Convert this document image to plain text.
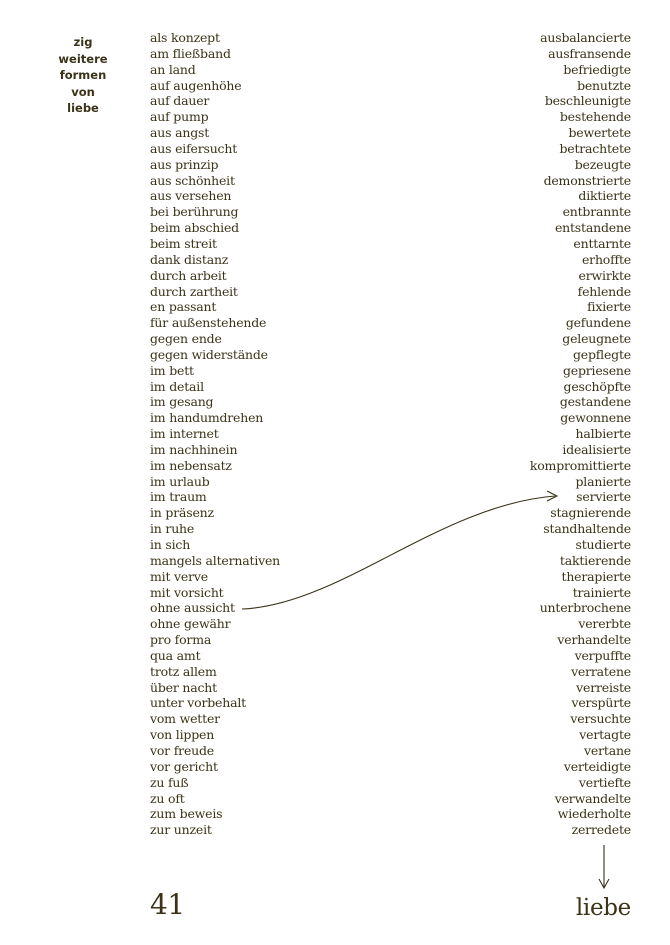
zig
weitere
formen
von
liebe
als konzept
am fließband
an land
auf augenhöhe
auf dauer
auf pump
aus angst
aus eifersucht
aus prinzip
aus schönheit
aus versehen
bei berührung
beim abschied
beim streit
dank distanz
durch arbeit
durch zartheit
en passant
für außenstehende
gegen ende
gegen widerstände
im bett
im detail
im gesang
im handumdrehen
im internet
im nachhinein
im nebensatz
im urlaub
im traum
in präsenz
in ruhe
in sich
mangels alternativen
mit verve
mit vorsicht
ohne aussicht
ohne gewähr
pro forma
qua amt
trotz allem
über nacht
unter vorbehalt
vom wetter
von lippen
vor freude
vor gericht
zu fuß
zu oft
zum beweis
zur unzeit
ausbalancierte
ausfransende
befriedigte
benutzte
beschleunigte
bestehende
bewertete
betrachtete
bezeugte
demonstrierte
diktierte
entbrannte
entstandene
enttarnte
erhoffte
erwirkte
fehlende
fixierte
gefundene
geleugnete
gepflegte
gepriesene
geschöpfte
gestandene
gewonnene
halbierte
idealisierte
kompromittierte
planierte
servierte
stagnierende
standhaltende
studierte
taktierende
therapierte
trainierte
unterbrochene
vererbte
verhandelte
verpuffte
verratene
verreiste
verspürte
versuchte
vertagte
vertane
verteidigte
vertiefte
verwandelte
wiederholte
zerredete
41	liebe
